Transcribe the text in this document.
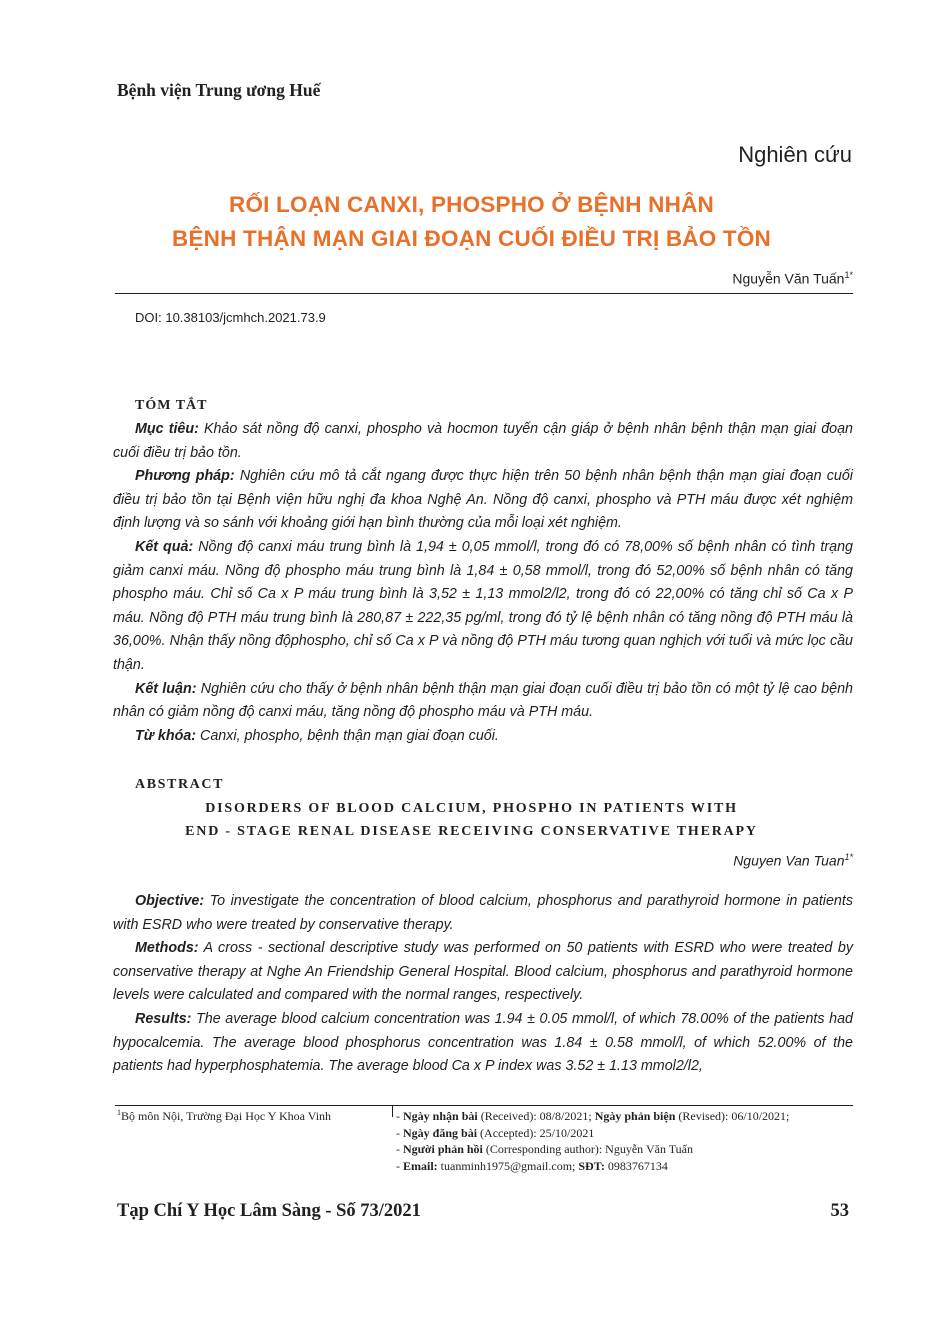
Bệnh viện Trung ương Huế
Nghiên cứu
RỐI LOẠN CANXI, PHOSPHO Ở BỆNH NHÂN
BỆNH THẬN MẠN GIAI ĐOẠN CUỐI ĐIỀU TRỊ BẢO TỒN
Nguyễn Văn Tuấn$^{1*}$
DOI: 10.38103/jcmhch.2021.73.9
TÓM TẮT

Mục tiêu: Khảo sát nồng độ canxi, phospho và hocmon tuyến cận giáp ở bệnh nhân bệnh thận mạn giai đoạn cuối điều trị bảo tồn.

Phương pháp: Nghiên cứu mô tả cắt ngang được thực hiện trên 50 bệnh nhân bệnh thận mạn giai đoạn cuối điều trị bảo tồn tại Bệnh viện hữu nghị đa khoa Nghệ An. Nồng độ canxi, phospho và PTH máu được xét nghiệm định lượng và so sánh với khoảng giới hạn bình thường của mỗi loại xét nghiệm.

Kết quả: Nồng độ canxi máu trung bình là 1,94 ± 0,05 mmol/l, trong đó có 78,00% số bệnh nhân có tình trạng giảm canxi máu. Nồng độ phospho máu trung bình là 1,84 ± 0,58 mmol/l, trong đó 52,00% số bệnh nhân có tăng phospho máu. Chỉ số Ca x P máu trung bình là 3,52 ± 1,13 mmol2/l2, trong đó có 22,00% có tăng chỉ số Ca x P máu. Nồng độ PTH máu trung bình là 280,87 ± 222,35 pg/ml, trong đó tỷ lệ bệnh nhân có tăng nồng độ PTH máu là 36,00%. Nhận thấy nồng độphospho, chỉ số Ca x P và nồng độ PTH máu tương quan nghịch với tuổi và mức lọc cầu thận.

Kết luận: Nghiên cứu cho thấy ở bệnh nhân bệnh thận mạn giai đoạn cuối điều trị bảo tồn có một tỷ lệ cao bệnh nhân có giảm nồng độ canxi máu, tăng nồng độ phospho máu và PTH máu.

Từ khóa: Canxi, phospho, bệnh thận mạn giai đoạn cuối.

ABSTRACT
DISORDERS OF BLOOD CALCIUM, PHOSPHO IN PATIENTS WITH
END - STAGE RENAL DISEASE RECEIVING CONSERVATIVE THERAPY
Nguyen Van Tuan$^{1*}$

Objective: To investigate the concentration of blood calcium, phosphorus and parathyroid hormone in patients with ESRD who were treated by conservative therapy.

Methods: A cross - sectional descriptive study was performed on 50 patients with ESRD who were treated by conservative therapy at Nghe An Friendship General Hospital. Blood calcium, phosphorus and parathyroid hormone levels were calculated and compared with the normal ranges, respectively.

Results: The average blood calcium concentration was 1.94 ± 0.05 mmol/l, of which 78.00% of the patients had hypocalcemia. The average blood phosphorus concentration was 1.84 ± 0.58 mmol/l, of which 52.00% of the patients had hyperphosphatemia. The average blood Ca x P index was 3.52 ± 1.13 mmol2/l2,

$^1$Bộ môn Nội, Trường Đại Học Y Khoa Vinh	- Ngày nhận bài (Received): 08/8/2021; Ngày phản biện (Revised): 06/10/2021;
- Ngày đăng bài (Accepted): 25/10/2021
- Người phản hồi (Corresponding author): Nguyễn Văn Tuấn
- Email: tuanminh1975@gmail.com; SĐT: 0983767134
Tạp Chí Y Học Lâm Sàng - Số 73/2021	53
